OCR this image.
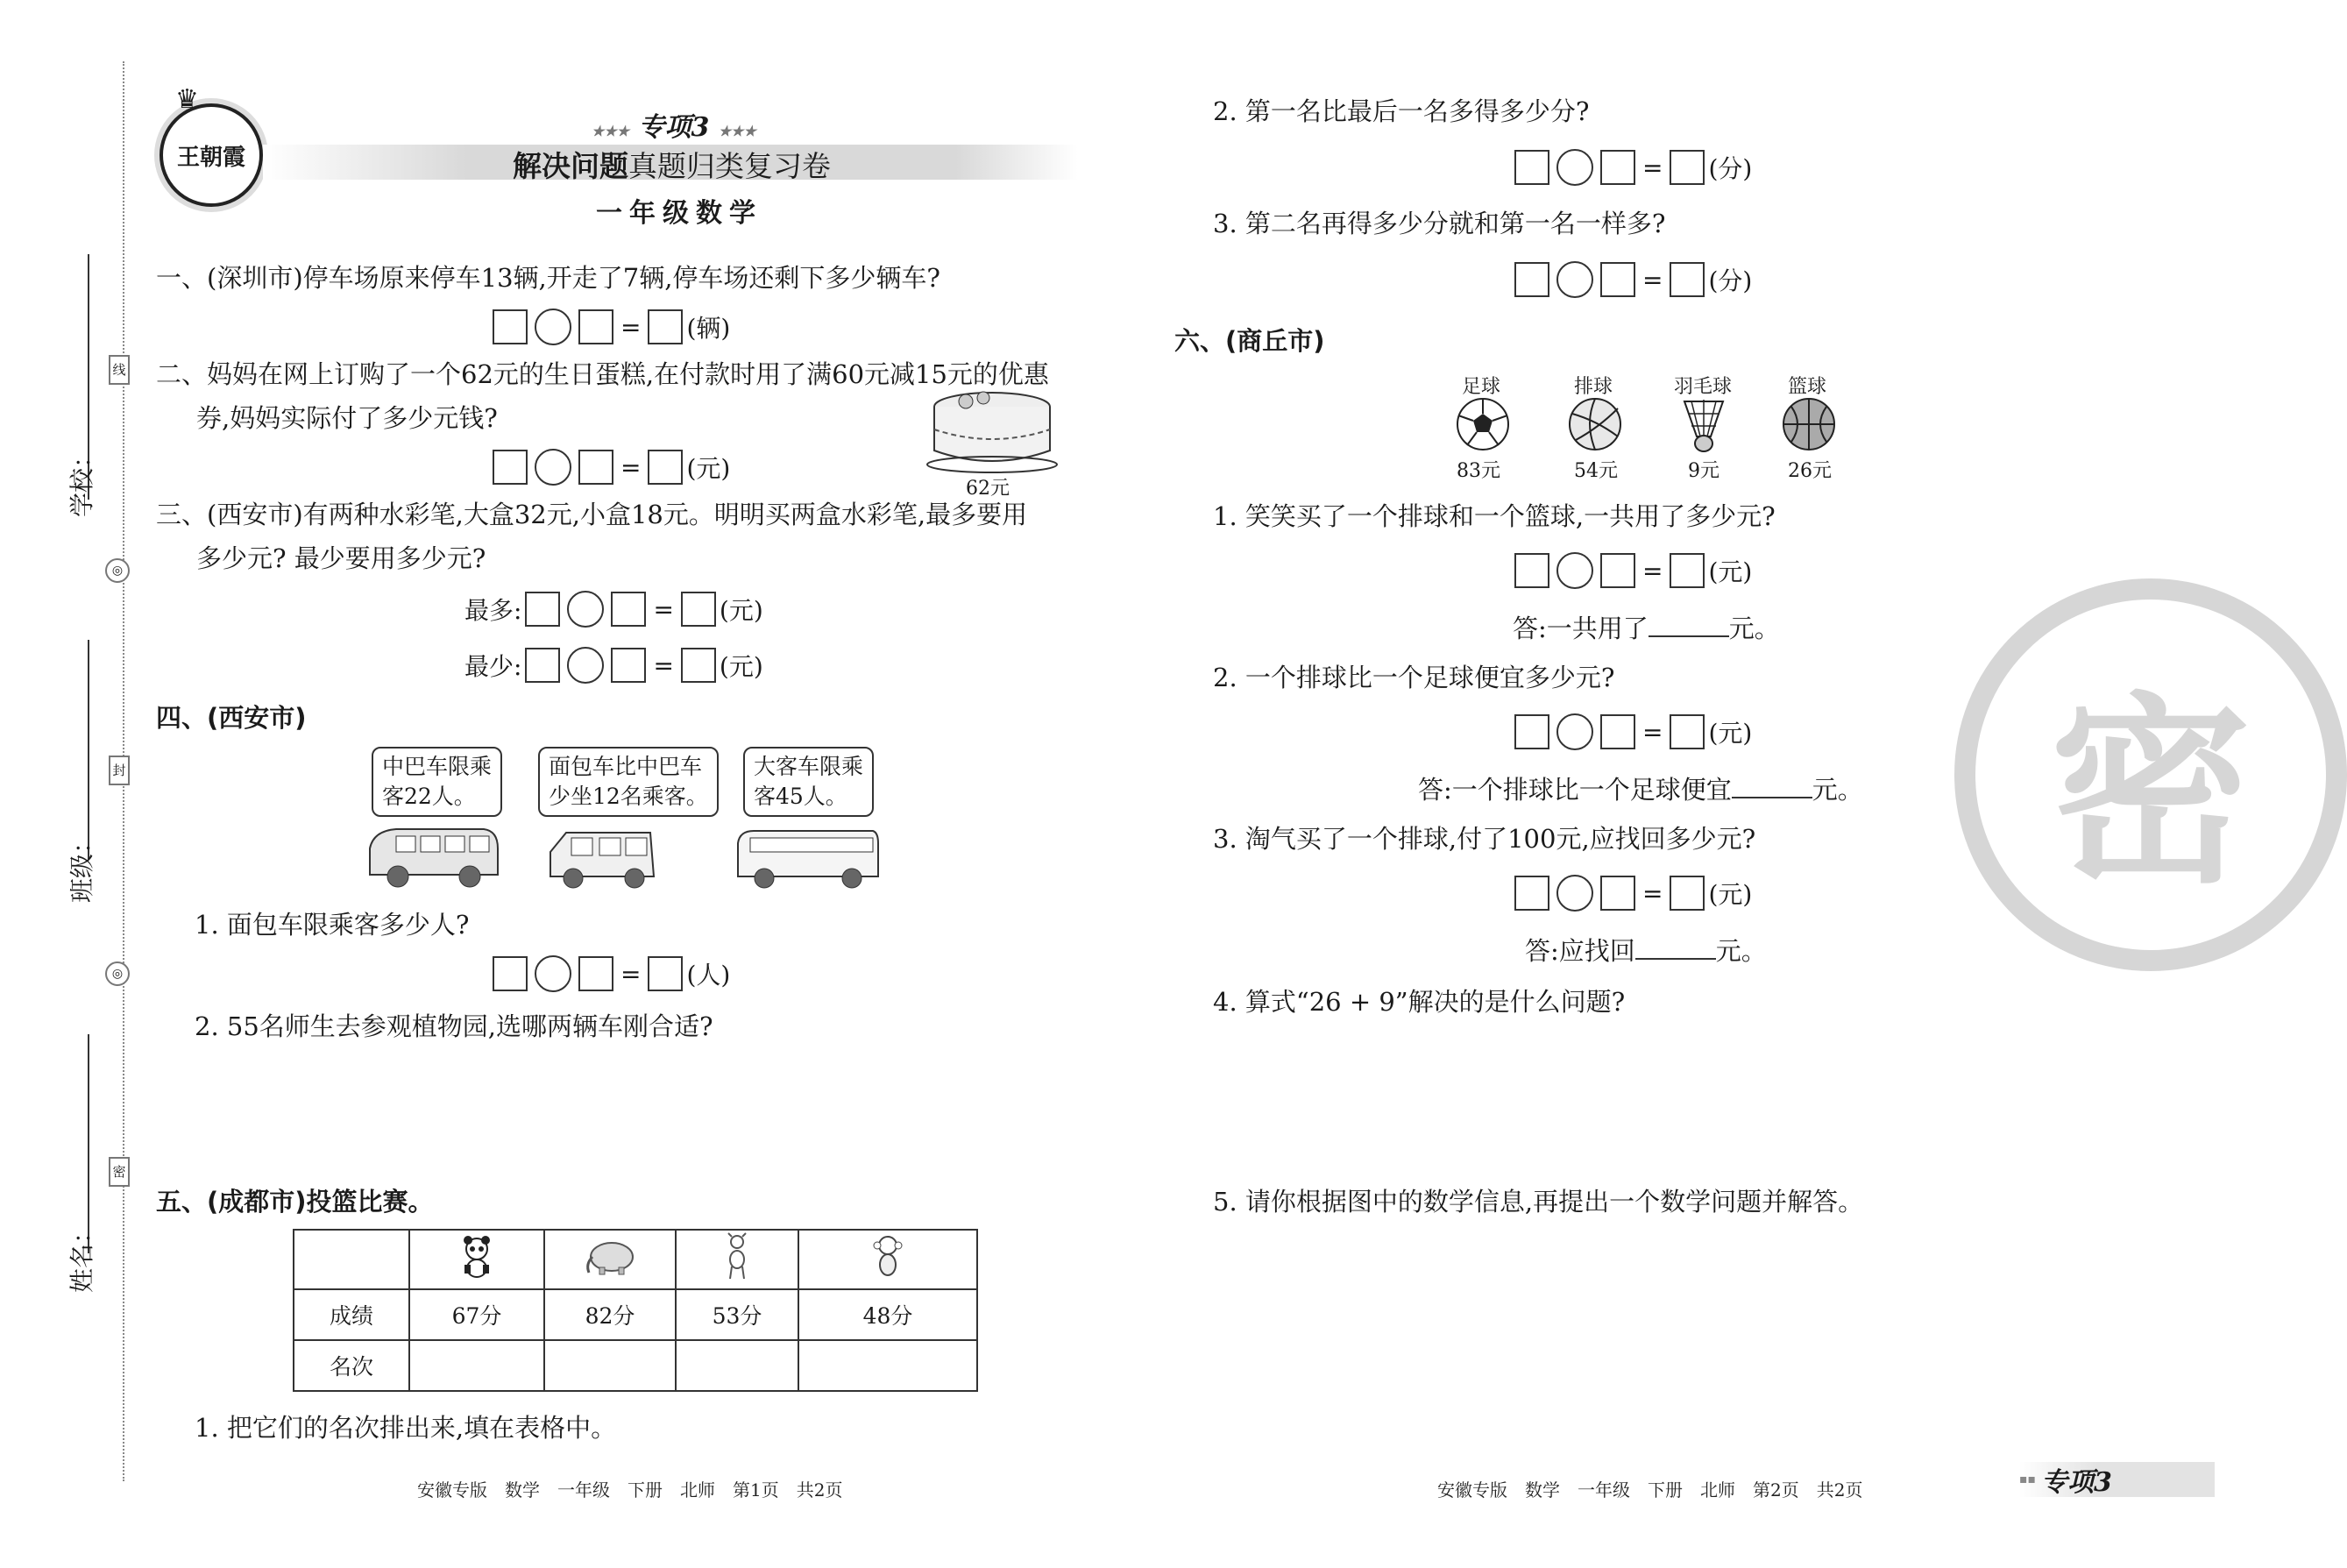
学校：
班级：
姓名：
线
◎
封
◎
密
王朝霞
♛
★★★ 专项3 ★★★
解决问题真题归类复习卷
一年级数学
一、(深圳市)停车场原来停车13辆,开走了7辆,停车场还剩下多少辆车?
= (辆)
二、妈妈在网上订购了一个62元的生日蛋糕,在付款时用了满60元减15元的优惠
券,妈妈实际付了多少元钱?
= (元)
62元
三、(西安市)有两种水彩笔,大盒32元,小盒18元。明明买两盒水彩笔,最多要用
多少元? 最少要用多少元?
最多:	= (元)
最少:	= (元)
四、(西安市)
中巴车限乘
客22人。
面包车比中巴车
少坐12名乘客。
大客车限乘
客45人。
1. 面包车限乘客多少人?
= (人)
2. 55名师生去参观植物园,选哪两辆车刚合适?
五、(成都市)投篮比赛。

成绩	67分	82分	53分	48分
名次				
1. 把它们的名次排出来,填在表格中。
安徽专版　数学　一年级　下册　北师　第1页　共2页
2. 第一名比最后一名多得多少分?
= (分)
3. 第二名再得多少分就和第一名一样多?
= (分)
六、(商丘市)
足球
83元
排球
54元
羽毛球
9元
篮球
26元
1. 笑笑买了一个排球和一个篮球,一共用了多少元?
= (元)
答:一共用了	元。
2. 一个排球比一个足球便宜多少元?
= (元)
答:一个排球比一个足球便宜	元。
3. 淘气买了一个排球,付了100元,应找回多少元?
= (元)
答:应找回	元。
4. 算式“26 + 9”解决的是什么问题?
5. 请你根据图中的数学信息,再提出一个数学问题并解答。
密
安徽专版　数学　一年级　下册　北师　第2页　共2页	▪▪ 专项3
